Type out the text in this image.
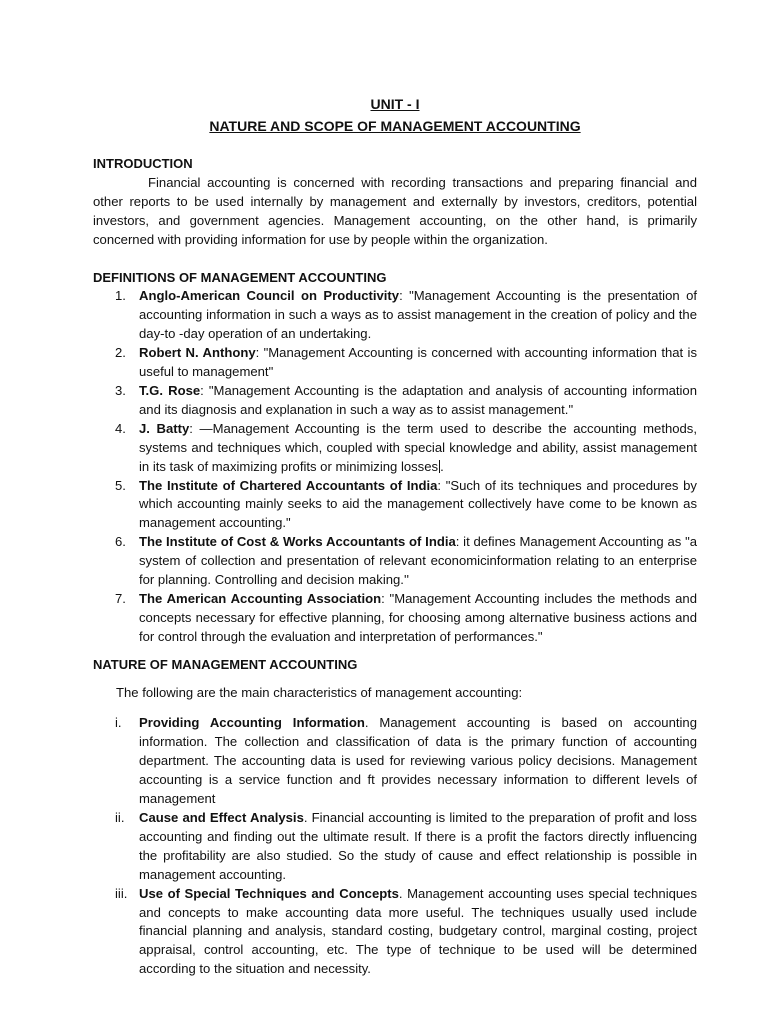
UNIT - I
NATURE AND SCOPE OF MANAGEMENT ACCOUNTING
INTRODUCTION

Financial accounting is concerned with recording transactions and preparing financial and other reports to be used internally by management and externally by investors, creditors, potential investors, and government agencies. Management accounting, on the other hand, is primarily concerned with providing information for use by people within the organization.

DEFINITIONS OF MANAGEMENT ACCOUNTING
1. Anglo-American Council on Productivity: "Management Accounting is the presentation of accounting information in such a ways as to assist management in the creation of policy and the day-to -day operation of an undertaking.
2. Robert N. Anthony: "Management Accounting is concerned with accounting information that is useful to management"
3. T.G. Rose: "Management Accounting is the adaptation and analysis of accounting information and its diagnosis and explanation in such a way as to assist management."
4. J. Batty: ―Management Accounting is the term used to describe the accounting methods, systems and techniques which, coupled with special knowledge and ability, assist management in its task of maximizing profits or minimizing losses .
5. The Institute of Chartered Accountants of India: "Such of its techniques and procedures by which accounting mainly seeks to aid the management collectively have come to be known as management accounting."
6. The Institute of Cost & Works Accountants of India: it defines Management Accounting as "a system of collection and presentation of relevant economicinformation relating to an enterprise for planning. Controlling and decision making.''
7. The American Accounting Association: "Management Accounting includes the methods and concepts necessary for effective planning, for choosing among alternative business actions and for control through the evaluation and interpretation of performances."
NATURE OF MANAGEMENT ACCOUNTING

The following are the main characteristics of management accounting:

i. Providing Accounting Information. Management accounting is based on accounting information. The collection and classification of data is the primary function of accounting department. The accounting data is used for reviewing various policy decisions. Management accounting is a service function and ft provides necessary information to different levels of management
ii. Cause and Effect Analysis. Financial accounting is limited to the preparation of profit and loss accounting and finding out the ultimate result. If there is a profit the factors directly influencing the profitability are also studied. So the study of cause and effect relationship is possible in management accounting.
iii. Use of Special Techniques and Concepts. Management accounting uses special techniques and concepts to make accounting data more useful. The techniques usually used include financial planning and analysis, standard costing, budgetary control, marginal costing, project appraisal, control accounting, etc. The type of technique to be used will be determined according to the situation and necessity.
